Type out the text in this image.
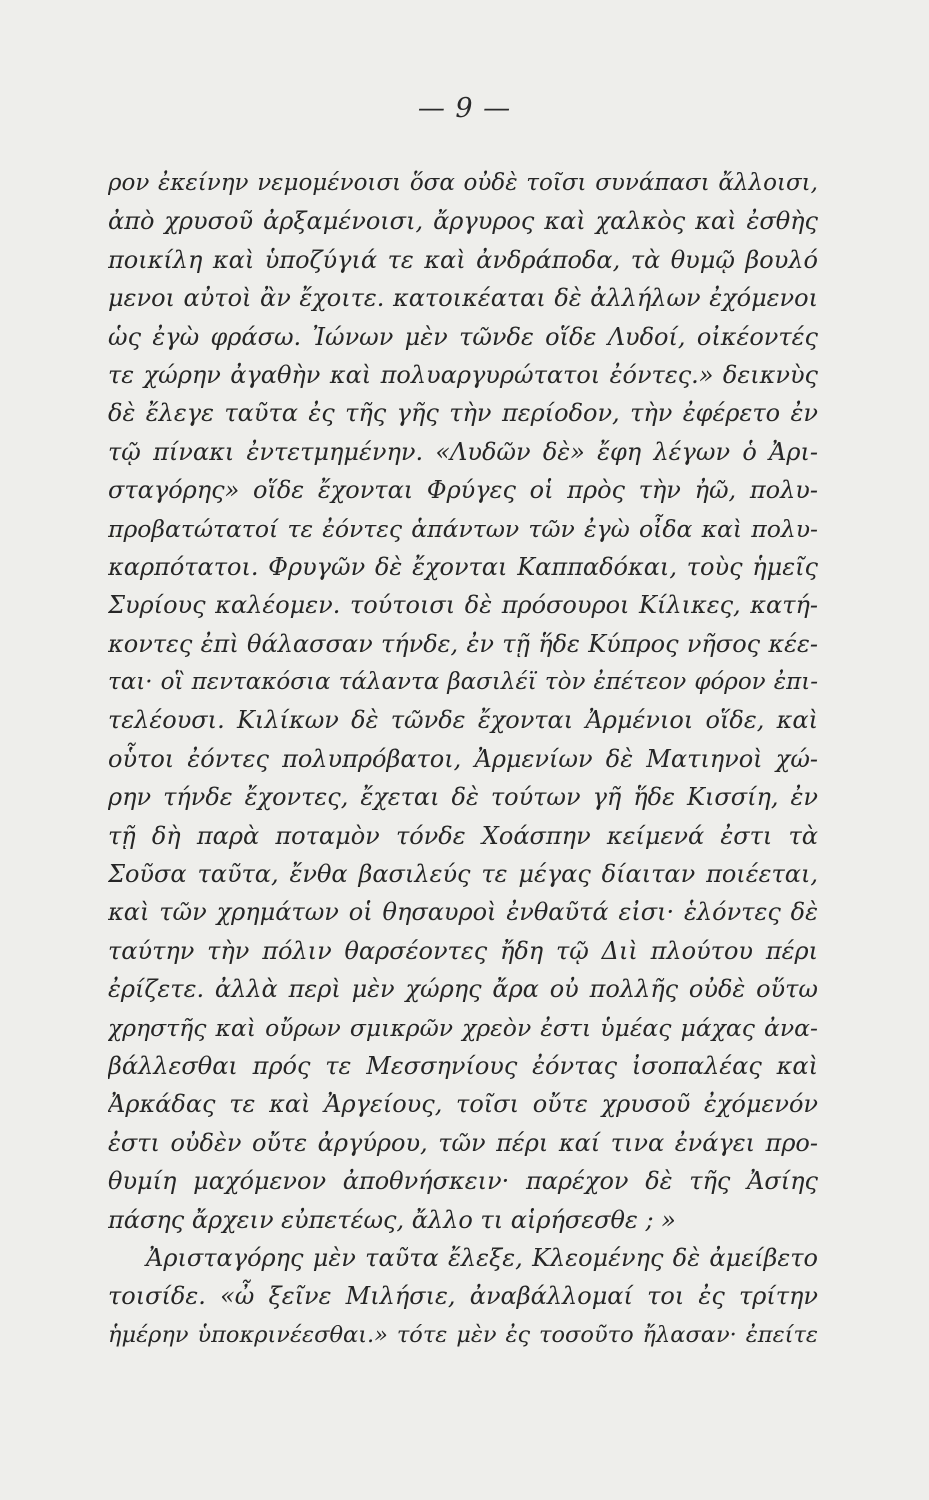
— 9 —
ρον ἐκείνην νεμομένοισι ὅσα οὐδὲ τοῖσι συνάπασι ἄλλοισι,
ἀπὸ χρυσοῦ ἀρξαμένοισι, ἄργυρος καὶ χαλκὸς καὶ ἐσθὴς
ποικίλη καὶ ὑποζύγιά τε καὶ ἀνδράποδα, τὰ θυμῷ βουλό
μενοι αὐτοὶ ἂν ἔχοιτε. κατοικέαται δὲ ἀλλήλων ἐχόμενοι
ὡς ἐγὼ φράσω. Ἰώνων μὲν τῶνδε οἵδε Λυδοί, οἰκέοντές
τε χώρην ἀγαθὴν καὶ πολυαργυρώτατοι ἐόντες.» δεικνὺς
δὲ ἔλεγε ταῦτα ἐς τῆς γῆς τὴν περίοδον, τὴν ἐφέρετο ἐν
τῷ πίνακι ἐντετμημένην. «Λυδῶν δὲ» ἔφη λέγων ὁ Ἀρι-
σταγόρης» οἵδε ἔχονται Φρύγες οἱ πρὸς τὴν ἠῶ, πολυ-
προβατώτατοί τε ἐόντες ἁπάντων τῶν ἐγὼ οἶδα καὶ πολυ-
καρπότατοι. Φρυγῶν δὲ ἔχονται Καππαδόκαι, τοὺς ἡμεῖς
Συρίους καλέομεν. τούτοισι δὲ πρόσουροι Κίλικες, κατή-
κοντες ἐπὶ θάλασσαν τήνδε, ἐν τῇ ἥδε Κύπρος νῆσος κέε-
ται· οἳ πεντακόσια τάλαντα βασιλέϊ τὸν ἐπέτεον φόρον ἐπι-
τελέουσι. Κιλίκων δὲ τῶνδε ἔχονται Ἀρμένιοι οἵδε, καὶ
οὗτοι ἐόντες πολυπρόβατοι, Ἀρμενίων δὲ Ματιηνοὶ χώ-
ρην τήνδε ἔχοντες, ἔχεται δὲ τούτων γῆ ἥδε Κισσίη, ἐν
τῇ δὴ παρὰ ποταμὸν τόνδε Χοάσπην κείμενά ἐστι τὰ
Σοῦσα ταῦτα, ἔνθα βασιλεύς τε μέγας δίαιταν ποιέεται,
καὶ τῶν χρημάτων οἱ θησαυροὶ ἐνθαῦτά εἰσι· ἑλόντες δὲ
ταύτην τὴν πόλιν θαρσέοντες ἤδη τῷ Διὶ πλούτου πέρι
ἐρίζετε. ἀλλὰ περὶ μὲν χώρης ἄρα οὐ πολλῆς οὐδὲ οὕτω
χρηστῆς καὶ οὔρων σμικρῶν χρεὸν ἐστι ὑμέας μάχας ἀνα-
βάλλεσθαι πρός τε Μεσσηνίους ἐόντας ἰσοπαλέας καὶ
Ἀρκάδας τε καὶ Ἀργείους, τοῖσι οὔτε χρυσοῦ ἐχόμενόν
ἐστι οὐδὲν οὔτε ἀργύρου, τῶν πέρι καί τινα ἐνάγει προ-
θυμίη μαχόμενον ἀποθνήσκειν· παρέχον δὲ τῆς Ἀσίης
πάσης ἄρχειν εὐπετέως, ἄλλο τι αἱρήσεσθε ; »
Ἀρισταγόρης μὲν ταῦτα ἔλεξε, Κλεομένης δὲ ἀμείβετο
τοισίδε. «ὦ ξεῖνε Μιλήσιε, ἀναβάλλομαί τοι ἐς τρίτην
ἡμέρην ὑποκρινέεσθαι.» τότε μὲν ἐς τοσοῦτο ἤλασαν· ἐπείτε
